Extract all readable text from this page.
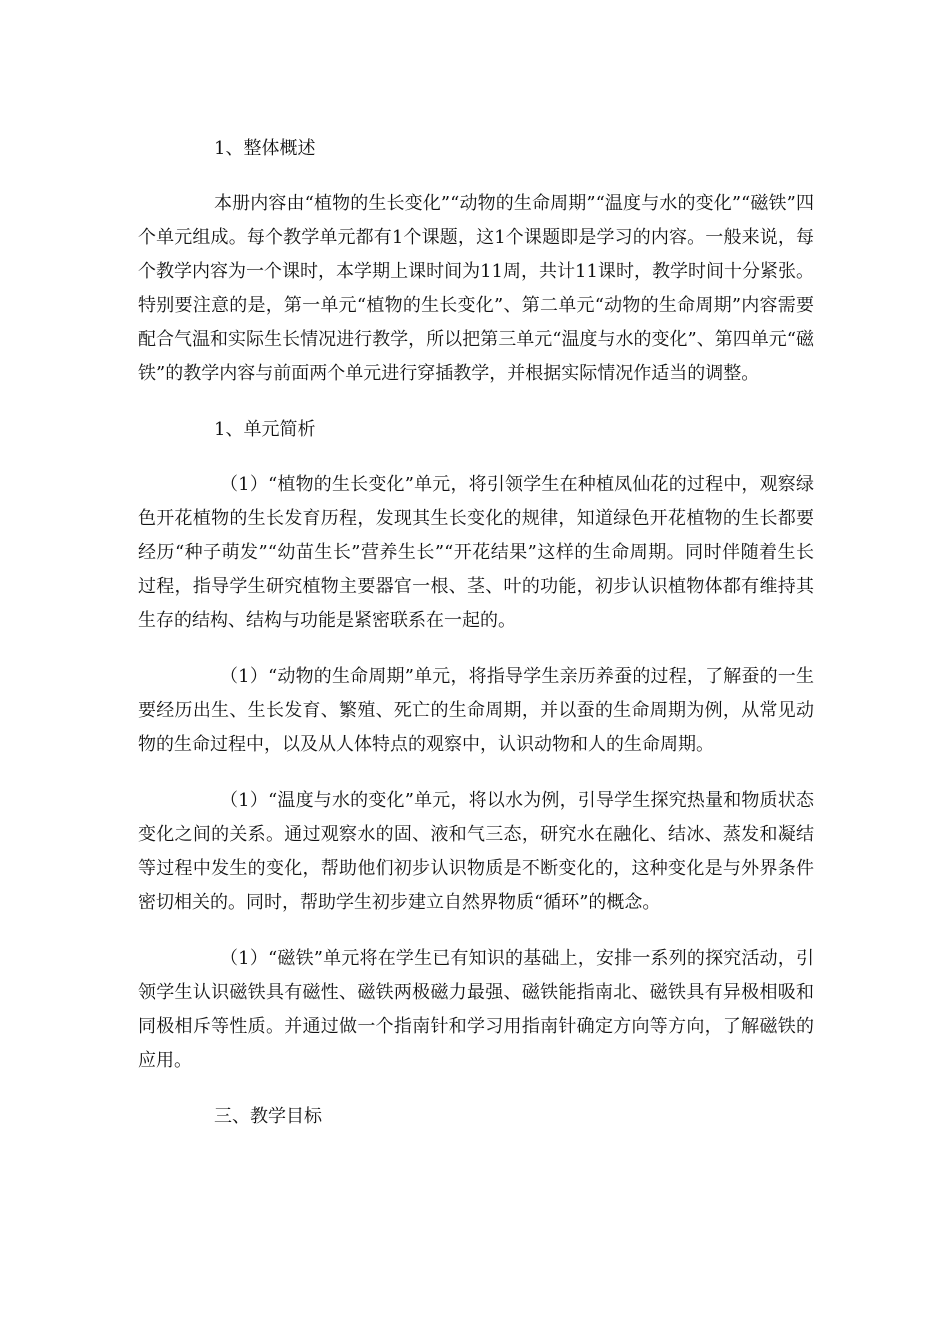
1、整体概述

本册内容由“植物的生长变化”“动物的生命周期”“温度与水的变化”“磁铁”四个单元组成。每个教学单元都有1个课题，这1个课题即是学习的内容。一般来说，每个教学内容为一个课时，本学期上课时间为11周，共计11课时，教学时间十分紧张。特别要注意的是，第一单元“植物的生长变化”、第二单元“动物的生命周期”内容需要配合气温和实际生长情况进行教学，所以把第三单元“温度与水的变化”、第四单元“磁铁”的教学内容与前面两个单元进行穿插教学，并根据实际情况作适当的调整。

1、单元简析

（1）“植物的生长变化”单元，将引领学生在种植凤仙花的过程中，观察绿色开花植物的生长发育历程，发现其生长变化的规律，知道绿色开花植物的生长都要经历“种子萌发”“幼苗生长”营养生长”“开花结果”这样的生命周期。同时伴随着生长过程，指导学生研究植物主要器官一根、茎、叶的功能，初步认识植物体都有维持其生存的结构、结构与功能是紧密联系在一起的。

（1）“动物的生命周期”单元，将指导学生亲历养蚕的过程，了解蚕的一生要经历出生、生长发育、繁殖、死亡的生命周期，并以蚕的生命周期为例，从常见动物的生命过程中，以及从人体特点的观察中，认识动物和人的生命周期。

（1）“温度与水的变化”单元，将以水为例，引导学生探究热量和物质状态变化之间的关系。通过观察水的固、液和气三态，研究水在融化、结冰、蒸发和凝结等过程中发生的变化，帮助他们初步认识物质是不断变化的，这种变化是与外界条件密切相关的。同时，帮助学生初步建立自然界物质“循环”的概念。

（1）“磁铁”单元将在学生已有知识的基础上，安排一系列的探究活动，引领学生认识磁铁具有磁性、磁铁两极磁力最强、磁铁能指南北、磁铁具有异极相吸和同极相斥等性质。并通过做一个指南针和学习用指南针确定方向等方向，了解磁铁的应用。

三、教学目标
